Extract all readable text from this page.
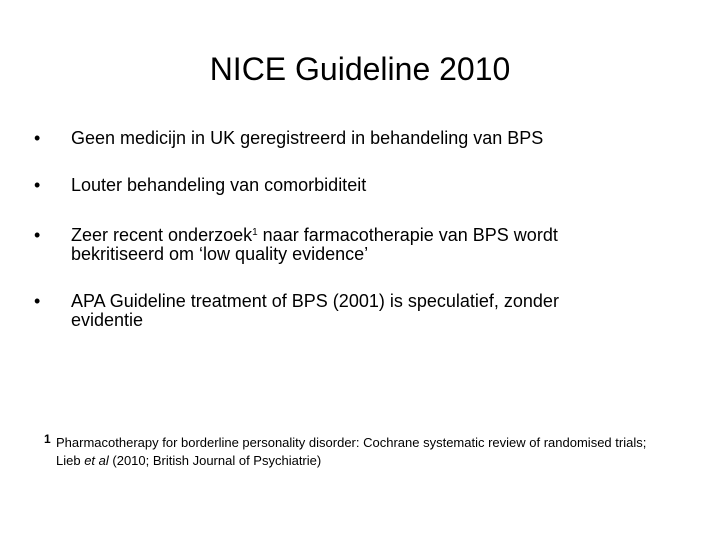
NICE Guideline 2010
• Geen medicijn in UK geregistreerd in behandeling van BPS
• Louter behandeling van comorbiditeit
• Zeer recent onderzoek$^1$ naar farmacotherapie van BPS wordt bekritiseerd om ‘low quality evidence’
• APA Guideline treatment of BPS (2001) is speculatief, zonder evidentie
1 Pharmacotherapy for borderline personality disorder: Cochrane systematic review of randomised trials; Lieb et al (2010; British Journal of Psychiatrie)
